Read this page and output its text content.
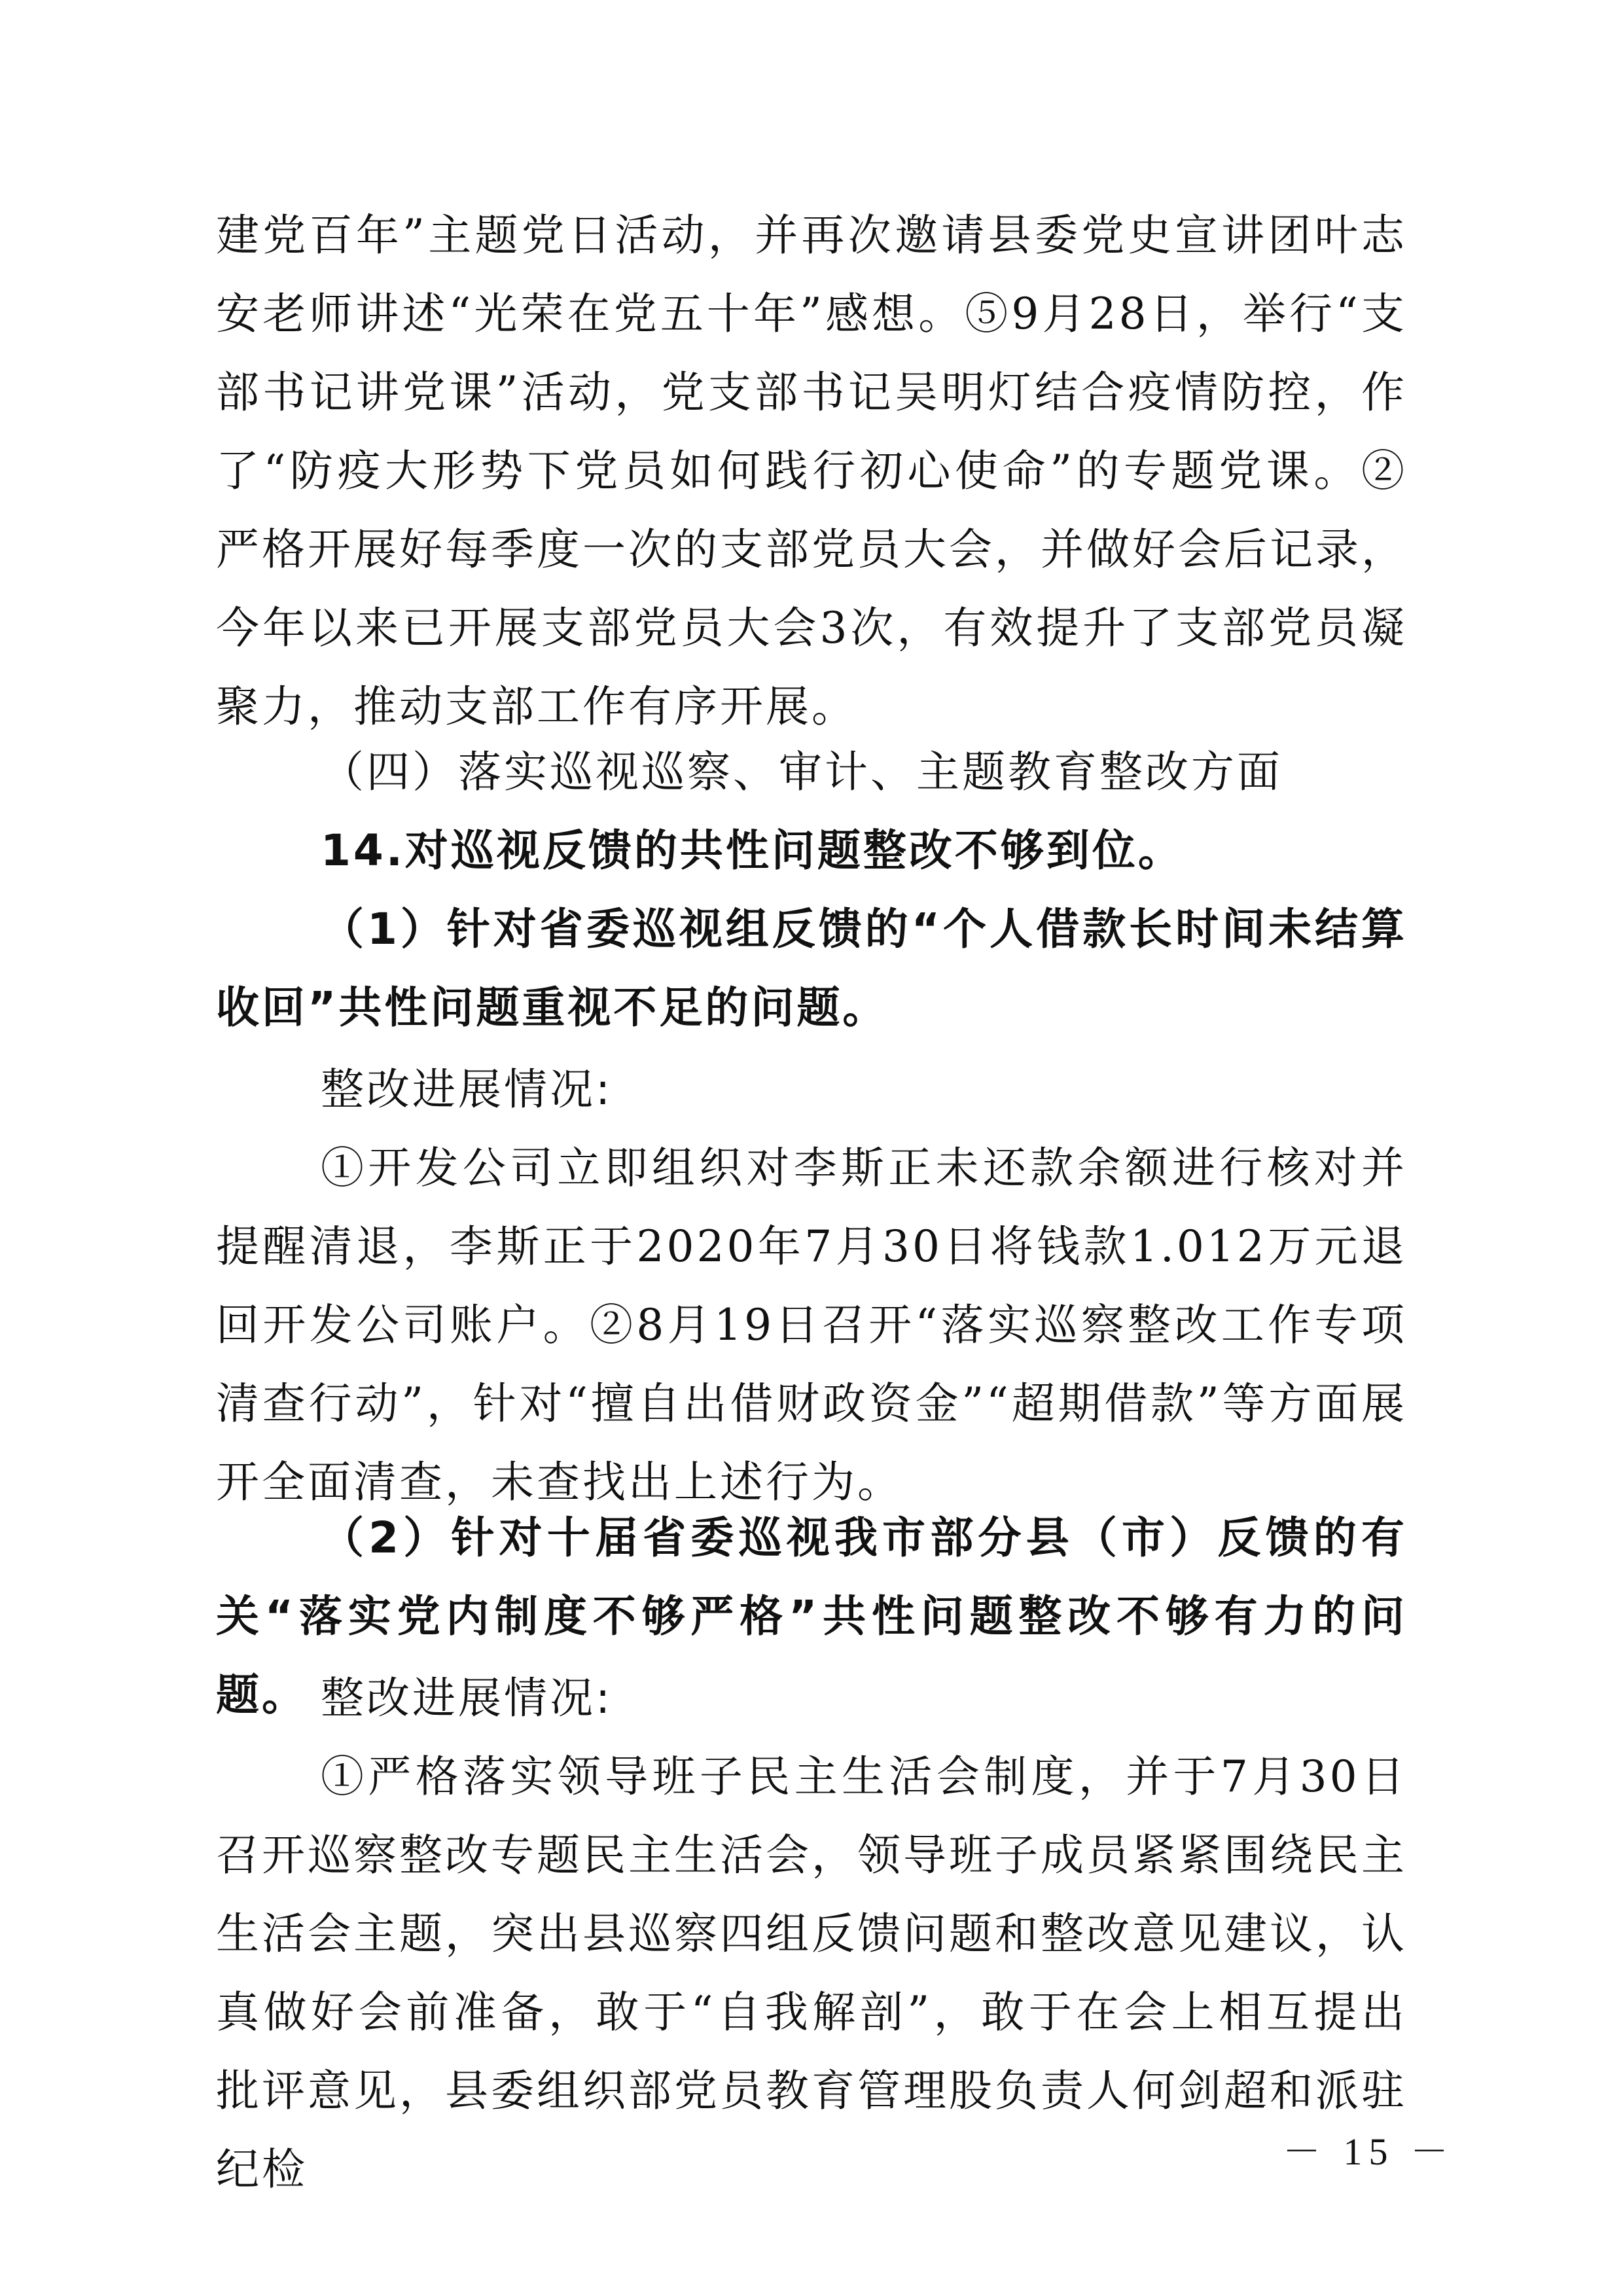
建党百年”主题党日活动，并再次邀请县委党史宣讲团叶志安老师讲述“光荣在党五十年”感想。⑤9月28日，举行“支部书记讲党课”活动，党支部书记吴明灯结合疫情防控，作了“防疫大形势下党员如何践行初心使命”的专题党课。②严格开展好每季度一次的支部党员大会，并做好会后记录，今年以来已开展支部党员大会3次，有效提升了支部党员凝聚力，推动支部工作有序开展。
（四）落实巡视巡察、审计、主题教育整改方面
14.对巡视反馈的共性问题整改不够到位。
（1）针对省委巡视组反馈的“个人借款长时间未结算收回”共性问题重视不足的问题。
整改进展情况:
①开发公司立即组织对李斯正未还款余额进行核对并提醒清退，李斯正于2020年7月30日将钱款1.012万元退回开发公司账户。②8月19日召开“落实巡察整改工作专项清查行动”，针对“擅自出借财政资金”“超期借款”等方面展开全面清查，未查找出上述行为。
（2）针对十届省委巡视我市部分县（市）反馈的有关“落实党内制度不够严格”共性问题整改不够有力的问题。 整改进展情况:
①严格落实领导班子民主生活会制度，并于7月30日召开巡察整改专题民主生活会，领导班子成员紧紧围绕民主生活会主题，突出县巡察四组反馈问题和整改意见建议，认真做好会前准备，敢于“自我解剖”，敢于在会上相互提出批评意见，县委组织部党员教育管理股负责人何剑超和派驻纪检	－ 15 －
